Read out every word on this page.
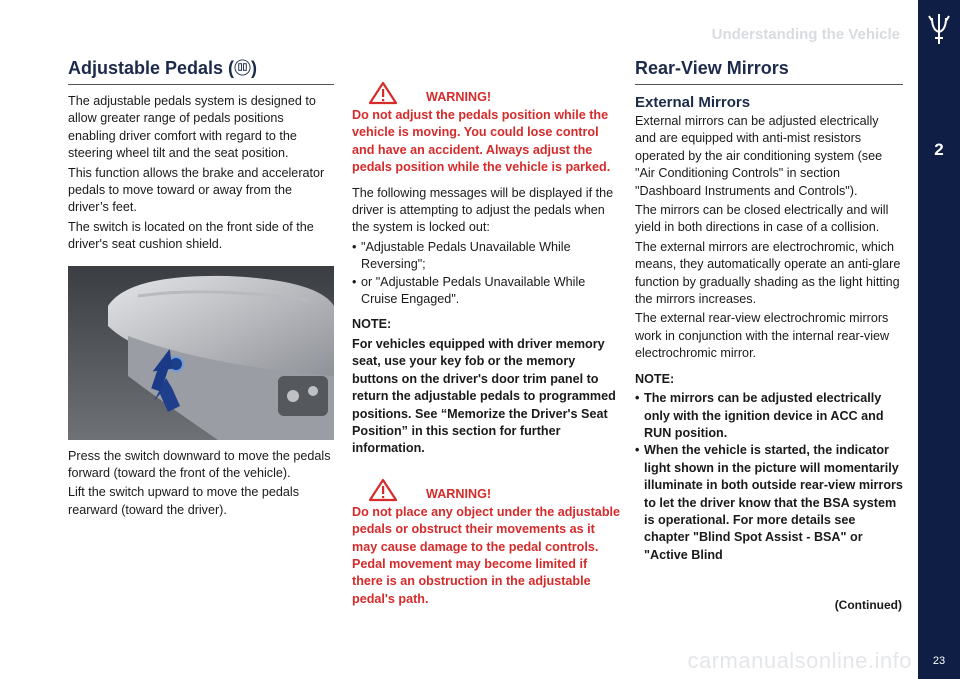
Understanding the Vehicle
2
23
Adjustable Pedals ( )

The adjustable pedals system is designed to allow greater range of pedals positions enabling driver comfort with regard to the steering wheel tilt and the seat position.

This function allows the brake and accelerator pedals to move toward or away from the driver’s feet.

The switch is located on the front side of the driver's seat cushion shield.

Press the switch downward to move the pedals forward (toward the front of the vehicle).

Lift the switch upward to move the pedals rearward (toward the driver).

WARNING!

Do not adjust the pedals position while the vehicle is moving. You could lose control and have an accident. Always adjust the pedals position while the vehicle is parked.

The following messages will be displayed if the driver is attempting to adjust the pedals when the system is locked out:

• "Adjustable Pedals Unavailable While Reversing";
• or "Adjustable Pedals Unavailable While Cruise Engaged".

NOTE:

For vehicles equipped with driver memory seat, use your key fob or the memory buttons on the driver's door trim panel to return the adjustable pedals to programmed positions. See “Memorize the Driver's Seat Position” in this section for further information.

WARNING!

Do not place any object under the adjustable pedals or obstruct their movements as it may cause damage to the pedal controls. Pedal movement may become limited if there is an obstruction in the adjustable pedal's path.

Rear-View Mirrors
External Mirrors

External mirrors can be adjusted electrically and are equipped with anti-mist resistors operated by the air conditioning system (see "Air Conditioning Controls" in section "Dashboard Instruments and Controls").

The mirrors can be closed electrically and will yield in both directions in case of a collision.

The external mirrors are electrochromic, which means, they automatically operate an anti-glare function by gradually shading as the light hitting the mirrors increases.

The external rear-view electrochromic mirrors work in conjunction with the internal rear-view electrochromic mirror.

NOTE:

• The mirrors can be adjusted electrically only with the ignition device in ACC and RUN position.
• When the vehicle is started, the indicator light shown in the picture will momentarily illuminate in both outside rear-view mirrors to let the driver know that the BSA system is operational. For more details see chapter "Blind Spot Assist - BSA" or "Active Blind
(Continued)
carmanualsonline.info
